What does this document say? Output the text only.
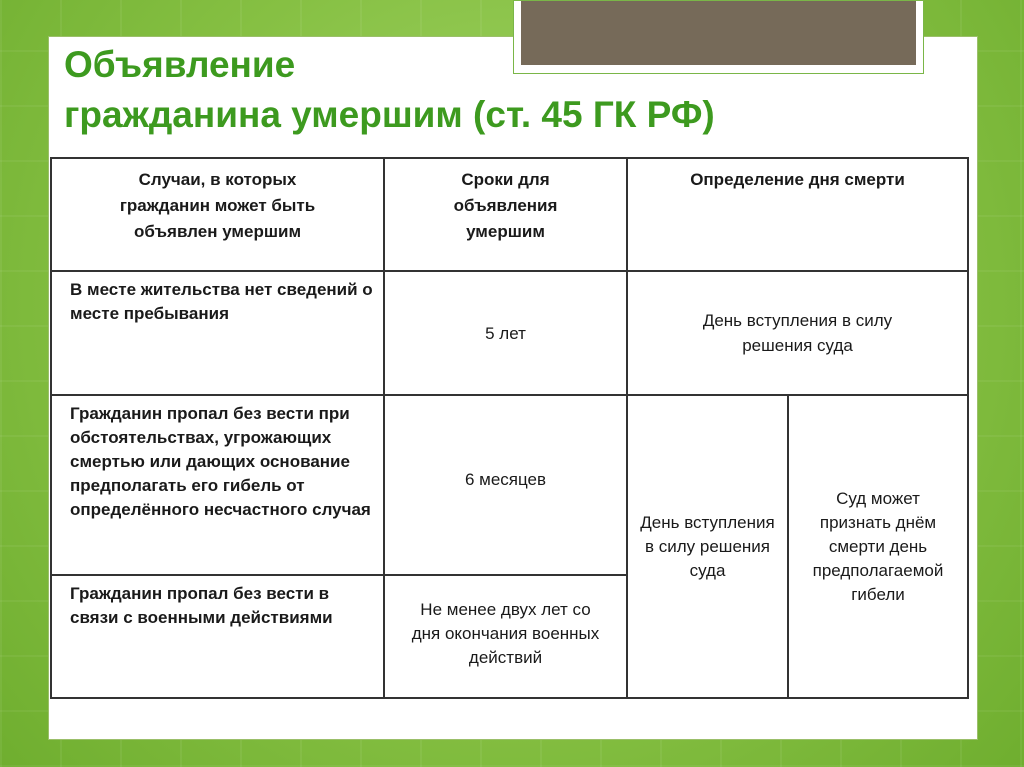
Объявление
гражданина умершим (ст. 45 ГК РФ)
Случаи, в которых гражданин может быть объявлен умершим	Сроки для объявления умершим	Определение дня смерти	
В месте жительства нет сведений о месте пребывания	5 лет	День вступления в силу решения суда	
Гражданин пропал без вести при обстоятельствах, угрожающих смертью или дающих основание предполагать его гибель от определённого несчастного случая	6 месяцев	День вступления в силу решения суда	Суд может признать днём смерти день предполагаемой гибели
Гражданин пропал без вести в связи с военными действиями	Не менее двух лет со дня окончания военных действий		
